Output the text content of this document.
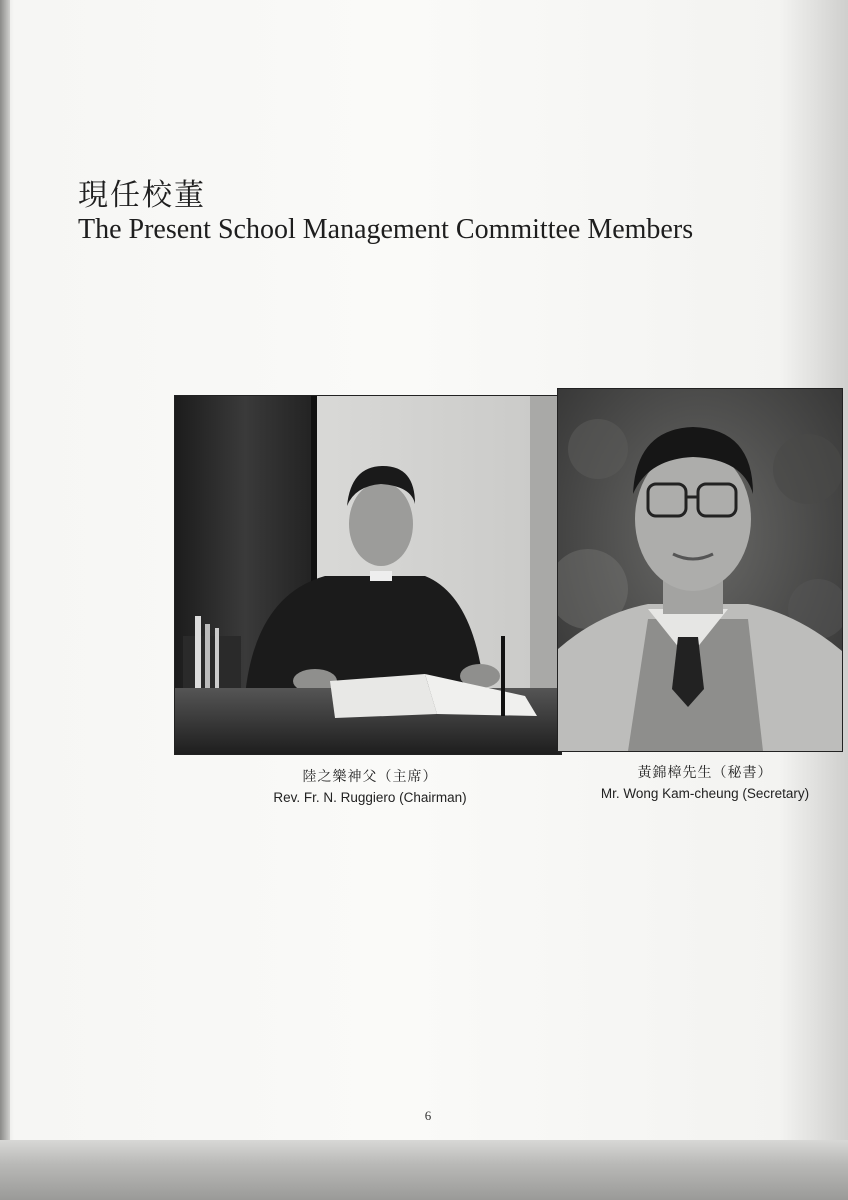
現任校董
The Present School Management Committee Members
陸之樂神父（主席）
Rev. Fr. N. Ruggiero (Chairman)
黃錦樟先生（秘書）
Mr. Wong Kam-cheung (Secretary)
6
